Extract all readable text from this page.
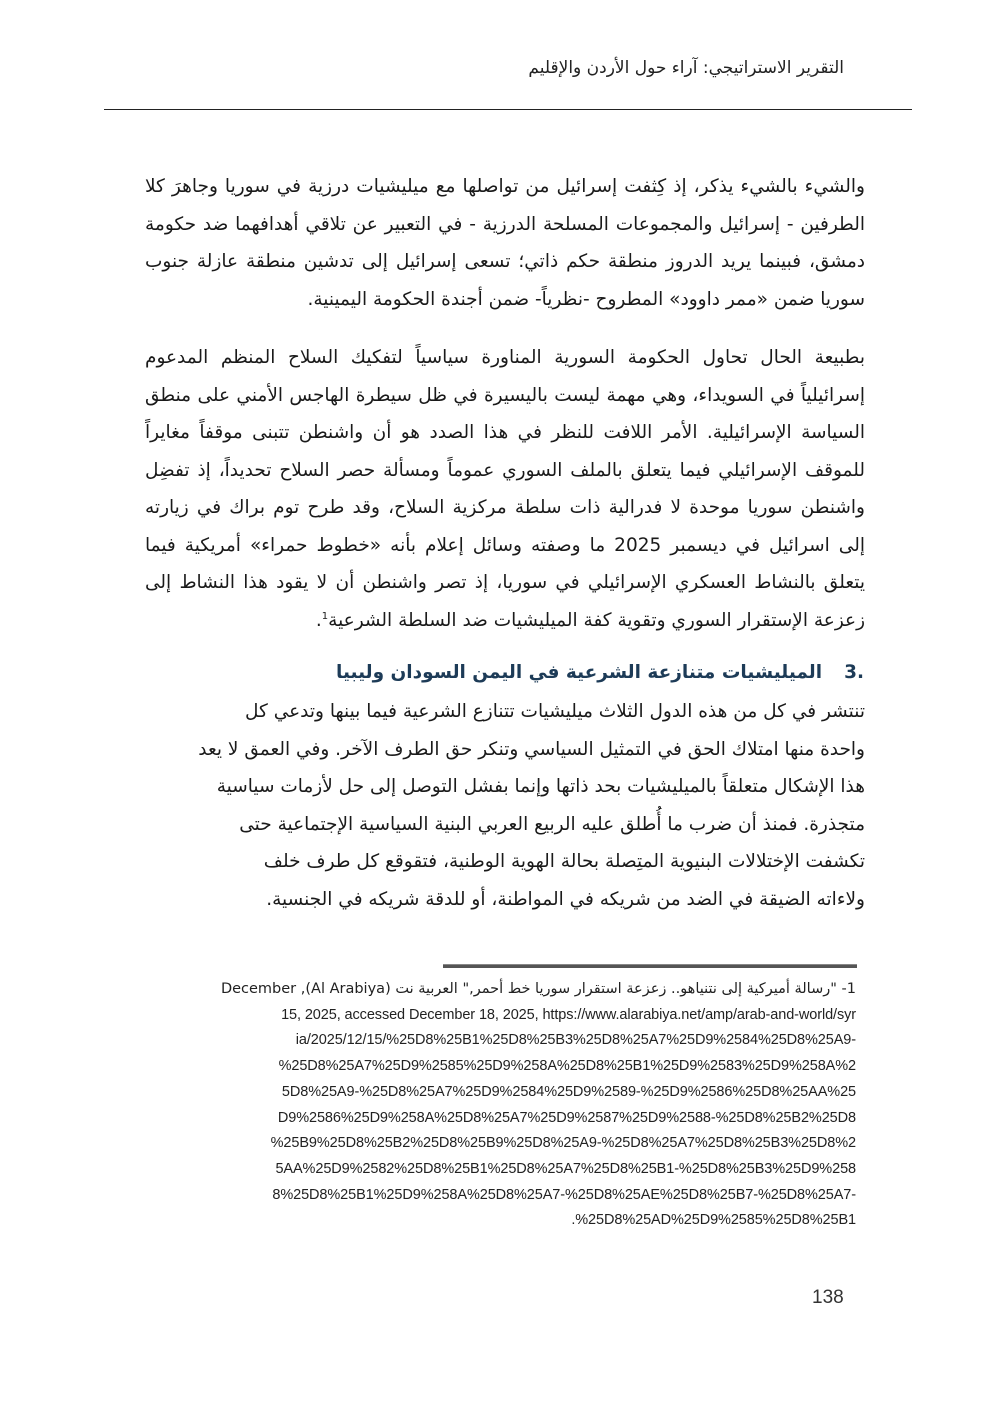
التقرير الاستراتيجي: آراء حول الأردن والإقليم

والشيء بالشيء يذكر، إذ كِثفت إسرائيل من تواصلها مع ميليشيات درزية في سوريا وجاهرَ كلا الطرفين - إسرائيل والمجموعات المسلحة الدرزية - في التعبير عن تلاقي أهدافهما ضد حكومة دمشق، فبينما يريد الدروز منطقة حكم ذاتي؛ تسعى إسرائيل إلى تدشين منطقة عازلة جنوب سوريا ضمن «ممر داوود» المطروح -نظرياً- ضمن أجندة الحكومة اليمينية.

بطبيعة الحال تحاول الحكومة السورية المناورة سياسياً لتفكيك السلاح المنظم المدعوم إسرائيلياً في السويداء، وهي مهمة ليست باليسيرة في ظل سيطرة الهاجس الأمني على منطق السياسة الإسرائيلية. الأمر اللافت للنظر في هذا الصدد هو أن واشنطن تتبنى موقفاً مغايراً للموقف الإسرائيلي فيما يتعلق بالملف السوري عموماً ومسألة حصر السلاح تحديداً، إذ تفضِل واشنطن سوريا موحدة لا فدرالية ذات سلطة مركزية السلاح، وقد طرح توم براك في زيارته إلى اسرائيل في ديسمبر 2025 ما وصفته وسائل إعلام بأنه «خطوط حمراء» أمريكية فيما يتعلق بالنشاط العسكري الإسرائيلي في سوريا، إذ تصر واشنطن أن لا يقود هذا النشاط إلى زعزعة الإستقرار السوري وتقوية كفة الميليشيات ضد السلطة الشرعية$^1$.

3.الميليشيات متنازعة الشرعية في اليمن السودان وليبيا
تنتشر في كل من هذه الدول الثلاث ميليشيات تتنازع الشرعية فيما بينها وتدعي كل
واحدة منها امتلاك الحق في التمثيل السياسي وتنكر حق الطرف الآخر. وفي العمق لا يعد
هذا الإشكال متعلقاً بالميليشيات بحد ذاتها وإنما بفشل التوصل إلى حل لأزمات سياسية
متجذرة. فمنذ أن ضرب ما أُطلق عليه الربيع العربي البنية السياسية الإجتماعية حتى
تكشفت الإختلالات البنيوية المتِصلة بحالة الهوية الوطنية، فتقوقع كل طرف خلف
ولاءاته الضيقة في الضد من شريكه في المواطنة، أو للدقة شريكه في الجنسية.
1- "رسالة أميركية إلى نتنياهو.. زعزعة استقرار سوريا خط أحمر," العربية نت (Al Arabiya), December
15, 2025, accessed December 18, 2025, https://www.alarabiya.net/amp/arab-and-world/syr
ia/2025/12/15/%25D8%25B1%25D8%25B3%25D8%25A7%25D9%2584%25D8%25A9-
%25D8%25A7%25D9%2585%25D9%258A%25D8%25B1%25D9%2583%25D9%258A%2
5D8%25A9-%25D8%25A7%25D9%2584%25D9%2589-%25D9%2586%25D8%25AA%25
D9%2586%25D9%258A%25D8%25A7%25D9%2587%25D9%2588-%25D8%25B2%25D8
%25B9%25D8%25B2%25D8%25B9%25D8%25A9-%25D8%25A7%25D8%25B3%25D8%2
5AA%25D9%2582%25D8%25B1%25D8%25A7%25D8%25B1-%25D8%25B3%25D9%258
8%25D8%25B1%25D9%258A%25D8%25A7-%25D8%25AE%25D8%25B7-%25D8%25A7-
.%25D8%25AD%25D9%2585%25D8%25B1
138
